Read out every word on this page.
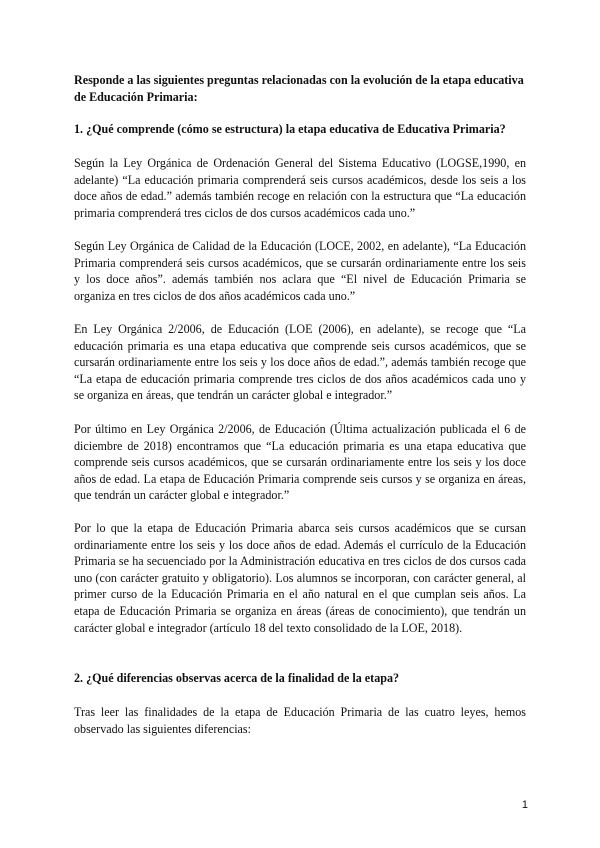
Responde a las siguientes preguntas relacionadas con la evolución de la etapa educativa de Educación Primaria:

1. ¿Qué comprende (cómo se estructura) la etapa educativa de Educativa Primaria?

Según la Ley Orgánica de Ordenación General del Sistema Educativo (LOGSE,1990, en adelante) “La educación primaria comprenderá seis cursos académicos, desde los seis a los doce años de edad.” además también recoge en relación con la estructura que “La educación primaria comprenderá tres ciclos de dos cursos académicos cada uno.”

Según Ley Orgánica de Calidad de la Educación (LOCE, 2002, en adelante), “La Educación Primaria comprenderá seis cursos académicos, que se cursarán ordinariamente entre los seis y los doce años”. además también nos aclara que “El nivel de Educación Primaria se organiza en tres ciclos de dos años académicos cada uno.”

En Ley Orgánica 2/2006, de Educación (LOE (2006), en adelante), se recoge que “La educación primaria es una etapa educativa que comprende seis cursos académicos, que se cursarán ordinariamente entre los seis y los doce años de edad.”, además también recoge que “La etapa de educación primaria comprende tres ciclos de dos años académicos cada uno y se organiza en áreas, que tendrán un carácter global e integrador.”

Por último en Ley Orgánica 2/2006, de Educación (Última actualización publicada el 6 de diciembre de 2018) encontramos que “La educación primaria es una etapa educativa que comprende seis cursos académicos, que se cursarán ordinariamente entre los seis y los doce años de edad. La etapa de Educación Primaria comprende seis cursos y se organiza en áreas, que tendrán un carácter global e integrador.”

Por lo que la etapa de Educación Primaria abarca seis cursos académicos que se cursan ordinariamente entre los seis y los doce años de edad. Además el currículo de la Educación Primaria se ha secuenciado por la Administración educativa en tres ciclos de dos cursos cada uno (con carácter gratuito y obligatorio). Los alumnos se incorporan, con carácter general, al primer curso de la Educación Primaria en el año natural en el que cumplan seis años. La etapa de Educación Primaria se organiza en áreas (áreas de conocimiento), que tendrán un carácter global e integrador (artículo 18 del texto consolidado de la LOE, 2018).

2. ¿Qué diferencias observas acerca de la finalidad de la etapa?

Tras leer las finalidades de la etapa de Educación Primaria de las cuatro leyes, hemos observado las siguientes diferencias:

1
